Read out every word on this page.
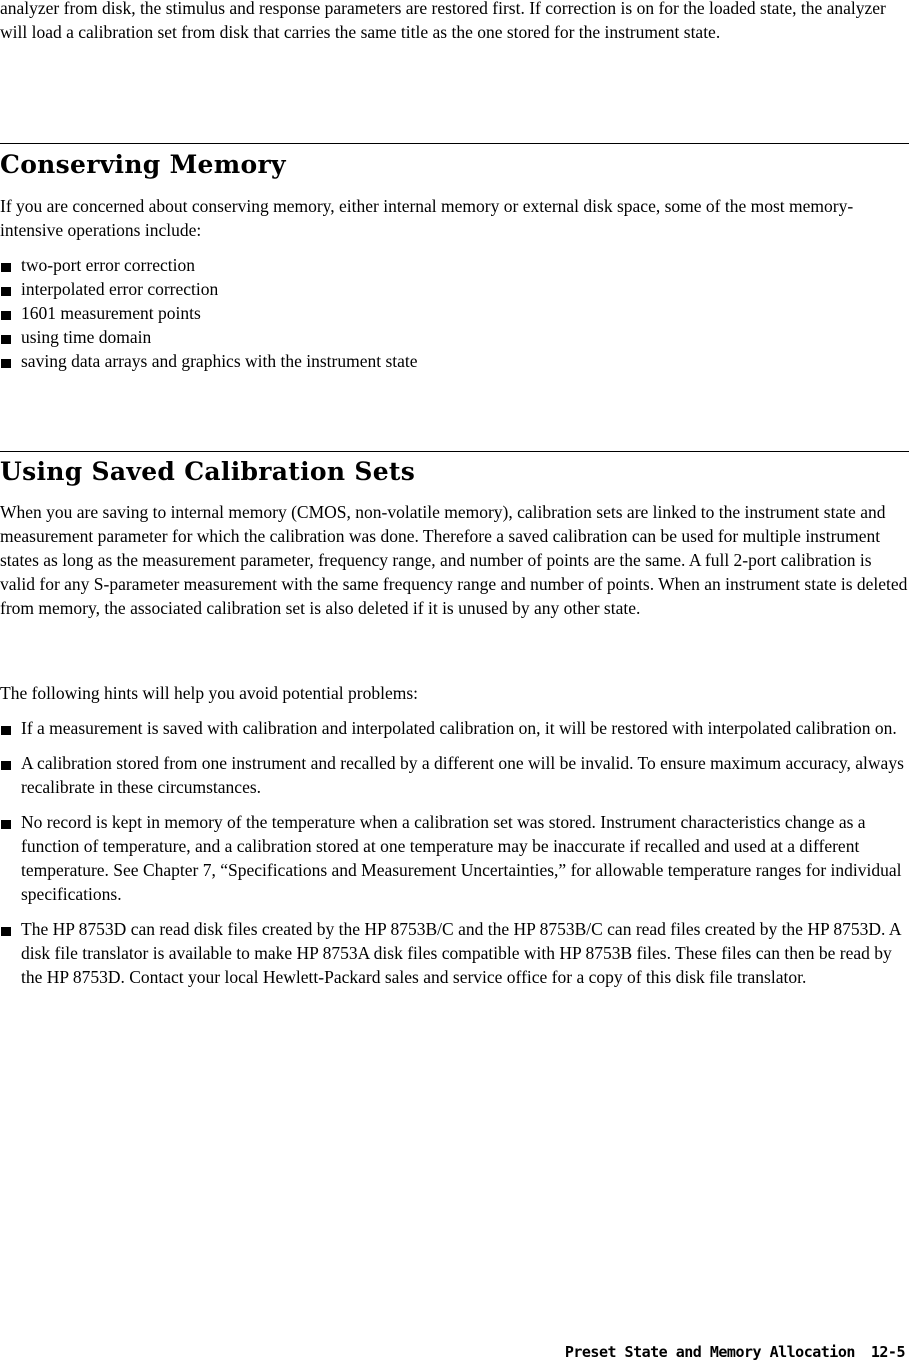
analyzer from disk, the stimulus and response parameters are restored first. If correction is on for the loaded state, the analyzer will load a calibration set from disk that carries the same title as the one stored for the instrument state.

Conserving Memory

If you are concerned about conserving memory, either internal memory or external disk space, some of the most memory-intensive operations include:

two-port error correction
interpolated error correction
1601 measurement points
using time domain
saving data arrays and graphics with the instrument state
Using Saved Calibration Sets

When you are saving to internal memory (CMOS, non-volatile memory), calibration sets are linked to the instrument state and measurement parameter for which the calibration was done. Therefore a saved calibration can be used for multiple instrument states as long as the measurement parameter, frequency range, and number of points are the same. A full 2-port calibration is valid for any S-parameter measurement with the same frequency range and number of points. When an instrument state is deleted from memory, the associated calibration set is also deleted if it is unused by any other state.

The following hints will help you avoid potential problems:

If a measurement is saved with calibration and interpolated calibration on, it will be restored with interpolated calibration on.
A calibration stored from one instrument and recalled by a different one will be invalid. To ensure maximum accuracy, always recalibrate in these circumstances.
No record is kept in memory of the temperature when a calibration set was stored. Instrument characteristics change as a function of temperature, and a calibration stored at one temperature may be inaccurate if recalled and used at a different temperature. See Chapter 7, “Specifications and Measurement Uncertainties,” for allowable temperature ranges for individual specifications.
The HP 8753D can read disk files created by the HP 8753B/C and the HP 8753B/C can read files created by the HP 8753D. A disk file translator is available to make HP 8753A disk files compatible with HP 8753B files. These files can then be read by the HP 8753D. Contact your local Hewlett-Packard sales and service office for a copy of this disk file translator.
Preset State and Memory Allocation 12-5
